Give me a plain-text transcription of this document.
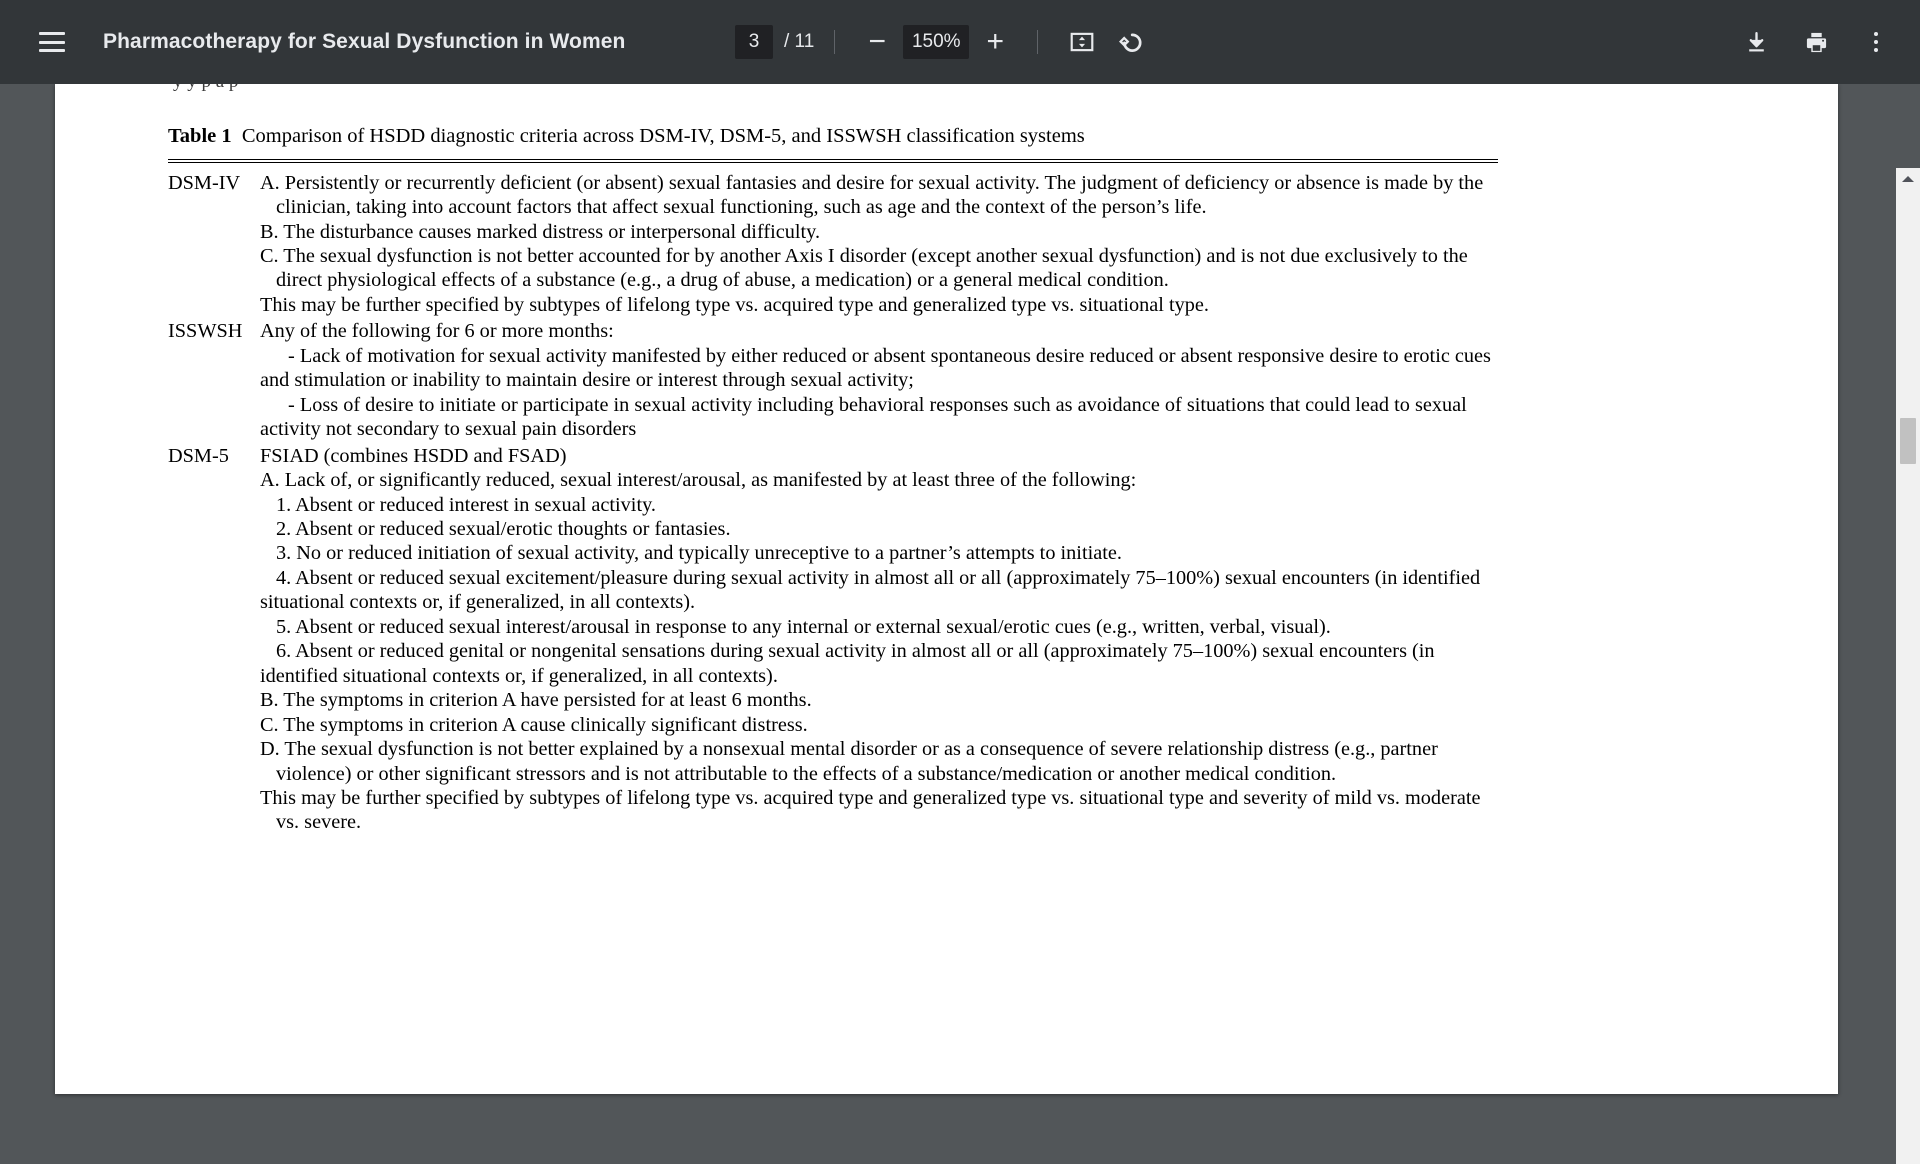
Pharmacotherapy for Sexual Dysfunction in Women
3	/ 11 −	150% +
Table 1 Comparison of HSDD diagnostic criteria across DSM-IV, DSM-5, and ISSWSH classification systems
DSM-IV A. Persistently or recurrently deficient (or absent) sexual fantasies and desire for sexual activity. The judgment of deficiency or absence is made by the clinician, taking into account factors that affect sexual functioning, such as age and the context of the person’s life.
B. The disturbance causes marked distress or interpersonal difficulty.
C. The sexual dysfunction is not better accounted for by another Axis I disorder (except another sexual dysfunction) and is not due exclusively to the direct physiological effects of a substance (e.g., a drug of abuse, a medication) or a general medical condition.
This may be further specified by subtypes of lifelong type vs. acquired type and generalized type vs. situational type.
ISSWSH Any of the following for 6 or more months:
- Lack of motivation for sexual activity manifested by either reduced or absent spontaneous desire reduced or absent responsive desire to erotic cues and stimulation or inability to maintain desire or interest through sexual activity;
- Loss of desire to initiate or participate in sexual activity including behavioral responses such as avoidance of situations that could lead to sexual activity not secondary to sexual pain disorders
DSM-5	FSIAD (combines HSDD and FSAD)
A. Lack of, or significantly reduced, sexual interest/arousal, as manifested by at least three of the following:
1. Absent or reduced interest in sexual activity.
2. Absent or reduced sexual/erotic thoughts or fantasies.
3. No or reduced initiation of sexual activity, and typically unreceptive to a partner’s attempts to initiate.
4. Absent or reduced sexual excitement/pleasure during sexual activity in almost all or all (approximately 75–100%) sexual encounters (in identified situational contexts or, if generalized, in all contexts).
5. Absent or reduced sexual interest/arousal in response to any internal or external sexual/erotic cues (e.g., written, verbal, visual).
6. Absent or reduced genital or nongenital sensations during sexual activity in almost all or all (approximately 75–100%) sexual encounters (in identified situational contexts or, if generalized, in all contexts).
B. The symptoms in criterion A have persisted for at least 6 months.
C. The symptoms in criterion A cause clinically significant distress.
D. The sexual dysfunction is not better explained by a nonsexual mental disorder or as a consequence of severe relationship distress (e.g., partner violence) or other significant stressors and is not attributable to the effects of a substance/medication or another medical condition.
This may be further specified by subtypes of lifelong type vs. acquired type and generalized type vs. situational type and severity of mild vs. moderate vs. severe.
